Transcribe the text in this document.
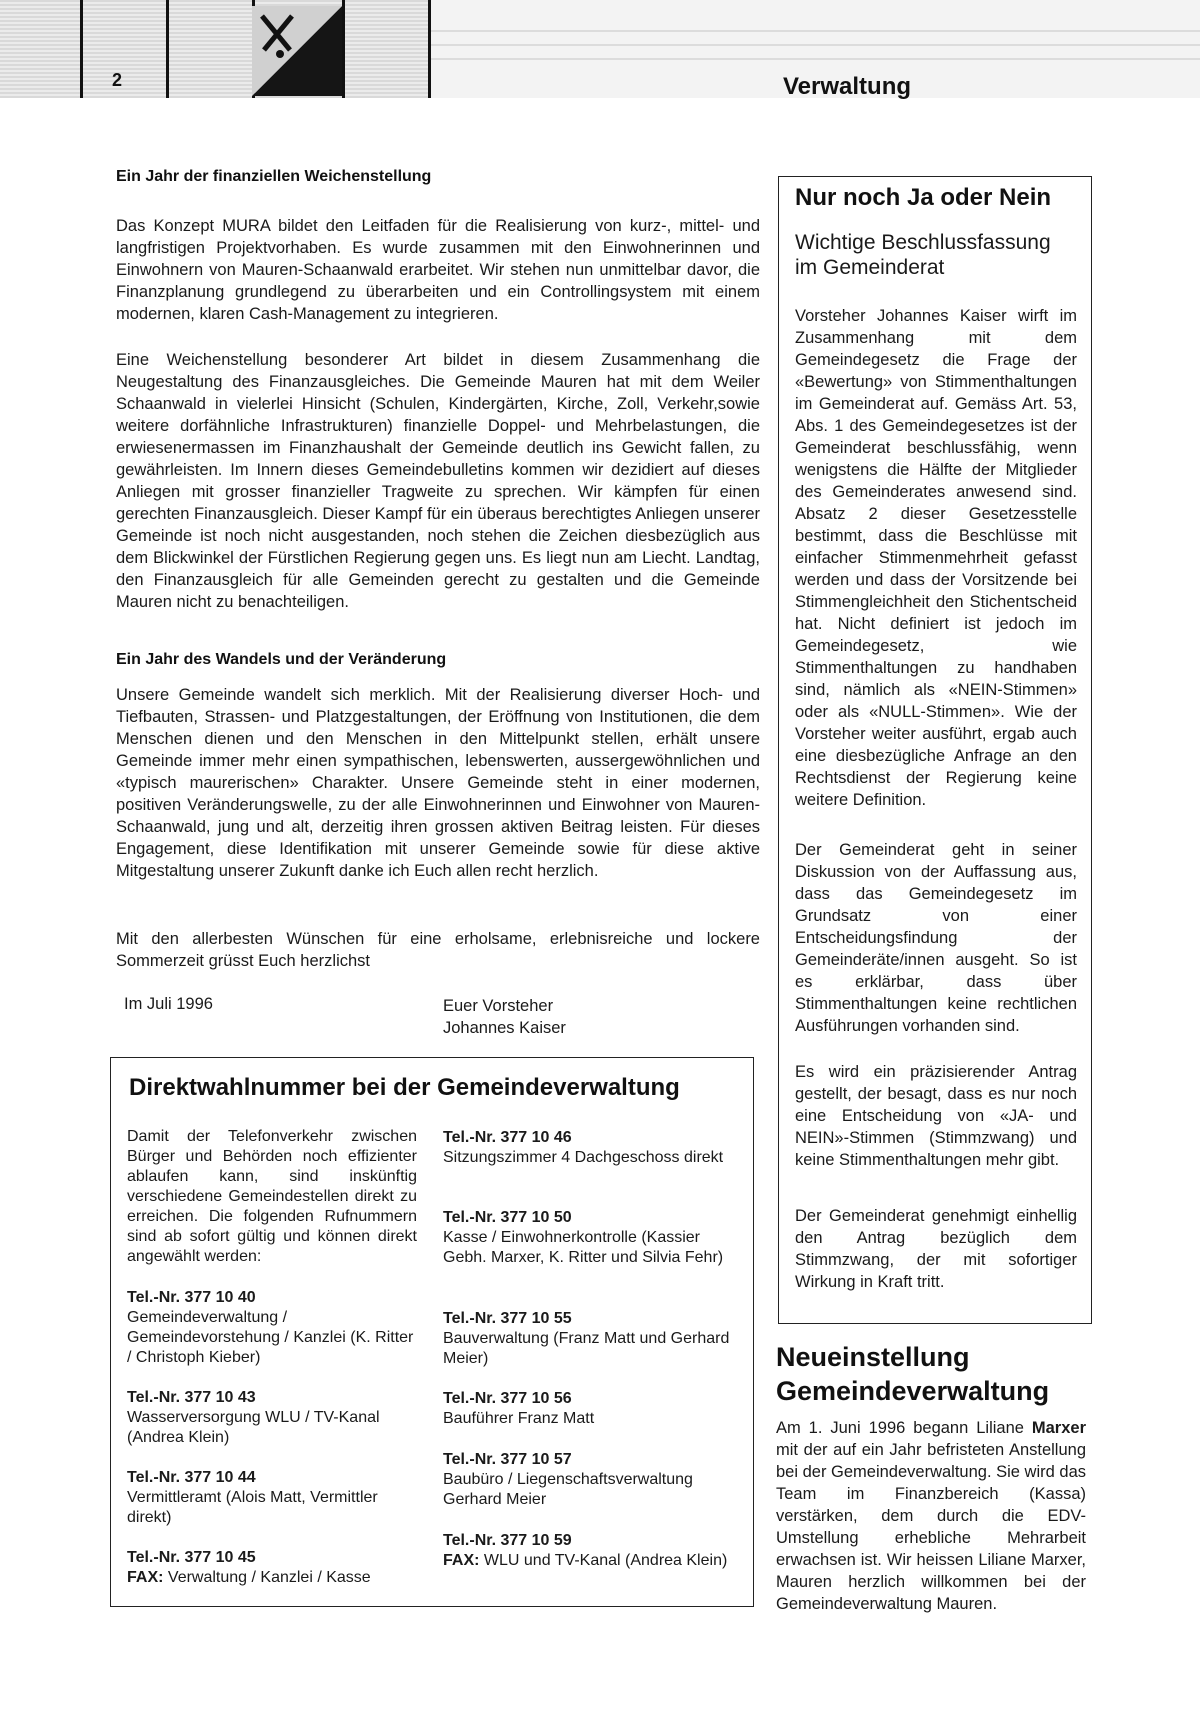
2	Verwaltung
Ein Jahr der finanziellen Weichenstellung
Das Konzept MURA bildet den Leitfaden für die Realisierung von kurz-, mittel- und langfristigen Projektvorhaben. Es wurde zusammen mit den Einwohnerinnen und Einwohnern von Mauren-Schaanwald erarbeitet. Wir stehen nun unmittelbar davor, die Finanzplanung grundlegend zu überarbeiten und ein Controllingsystem mit einem modernen, klaren Cash-Management zu integrieren.
Eine Weichenstellung besonderer Art bildet in diesem Zusammenhang die Neugestaltung des Finanzausgleiches. Die Gemeinde Mauren hat mit dem Weiler Schaanwald in vielerlei Hinsicht (Schulen, Kindergärten, Kirche, Zoll, Verkehr,sowie weitere dorfähnliche Infrastrukturen) finanzielle Doppel- und Mehrbelastungen, die erwiesenermassen im Finanzhaushalt der Gemeinde deutlich ins Gewicht fallen, zu gewährleisten. Im Innern dieses Gemeindebulletins kommen wir dezidiert auf dieses Anliegen mit grosser finanzieller Tragweite zu sprechen. Wir kämpfen für einen gerechten Finanzausgleich. Dieser Kampf für ein überaus berechtigtes Anliegen unserer Gemeinde ist noch nicht ausgestanden, noch stehen die Zeichen diesbezüglich aus dem Blickwinkel der Fürstlichen Regierung gegen uns. Es liegt nun am Liecht. Landtag, den Finanzausgleich für alle Gemeinden gerecht zu gestalten und die Gemeinde Mauren nicht zu benachteiligen.
Ein Jahr des Wandels und der Veränderung
Unsere Gemeinde wandelt sich merklich. Mit der Realisierung diverser Hoch- und Tiefbauten, Strassen- und Platzgestaltungen, der Eröffnung von Institutionen, die dem Menschen dienen und den Menschen in den Mittelpunkt stellen, erhält unsere Gemeinde immer mehr einen sympathischen, lebenswerten, aussergewöhnlichen und «typisch maurerischen» Charakter. Unsere Gemeinde steht in einer modernen, positiven Veränderungswelle, zu der alle Einwohnerinnen und Einwohner von Mauren-Schaanwald, jung und alt, derzeitig ihren grossen aktiven Beitrag leisten. Für dieses Engagement, diese Identifikation mit unserer Gemeinde sowie für diese aktive Mitgestaltung unserer Zukunft danke ich Euch allen recht herzlich.
Mit den allerbesten Wünschen für eine erholsame, erlebnisreiche und lockere Sommerzeit grüsst Euch herzlichst
Im Juli 1996	Euer Vorsteher
Johannes Kaiser
Nur noch Ja oder Nein
Wichtige Beschlussfassung im Gemeinderat
Vorsteher Johannes Kaiser wirft im Zusammenhang mit dem Gemeindegesetz die Frage der «Bewertung» von Stimmenthaltungen im Gemeinderat auf. Gemäss Art. 53, Abs. 1 des Gemeindegesetzes ist der Gemeinderat beschlussfähig, wenn wenigstens die Hälfte der Mitglieder des Gemeinderates anwesend sind. Absatz 2 dieser Gesetzesstelle bestimmt, dass die Beschlüsse mit einfacher Stimmenmehrheit gefasst werden und dass der Vorsitzende bei Stimmengleichheit den Stichentscheid hat. Nicht definiert ist jedoch im Gemeindegesetz, wie Stimmenthaltungen zu handhaben sind, nämlich als «NEIN-Stimmen» oder als «NULL-Stimmen». Wie der Vorsteher weiter ausführt, ergab auch eine diesbezügliche Anfrage an den Rechtsdienst der Regierung keine weitere Definition.
Der Gemeinderat geht in seiner Diskussion von der Auffassung aus, dass das Gemeindegesetz im Grundsatz von einer Entscheidungsfindung der Gemeinderäte/innen ausgeht. So ist es erklärbar, dass über Stimmenthaltungen keine rechtlichen Ausführungen vorhanden sind.
Es wird ein präzisierender Antrag gestellt, der besagt, dass es nur noch eine Entscheidung von «JA- und NEIN»-Stimmen (Stimmzwang) und keine Stimmenthaltungen mehr gibt.
Der Gemeinderat genehmigt einhellig den Antrag bezüglich dem Stimmzwang, der mit sofortiger Wirkung in Kraft tritt.
Direktwahlnummer bei der Gemeindeverwaltung
Damit der Telefonverkehr zwischen Bürger und Behörden noch effizienter ablaufen kann, sind inskünftig verschiedene Gemeindestellen direkt zu erreichen. Die folgenden Rufnummern sind ab sofort gültig und können direkt angewählt werden:
Tel.-Nr. 377 10 40
Gemeindeverwaltung / Gemeindevorstehung / Kanzlei (K. Ritter / Christoph Kieber)
Tel.-Nr. 377 10 43
Wasserversorgung WLU / TV-Kanal (Andrea Klein)
Tel.-Nr. 377 10 44
Vermittleramt (Alois Matt, Vermittler direkt)
Tel.-Nr. 377 10 45
FAX: Verwaltung / Kanzlei / Kasse
Tel.-Nr. 377 10 46
Sitzungszimmer 4 Dachgeschoss direkt
Tel.-Nr. 377 10 50
Kasse / Einwohnerkontrolle (Kassier Gebh. Marxer, K. Ritter und Silvia Fehr)
Tel.-Nr. 377 10 55
Bauverwaltung (Franz Matt und Gerhard Meier)
Tel.-Nr. 377 10 56
Bauführer Franz Matt
Tel.-Nr. 377 10 57
Baubüro / Liegenschaftsverwaltung Gerhard Meier
Tel.-Nr. 377 10 59
FAX: WLU und TV-Kanal (Andrea Klein)
Neueinstellung
Gemeindeverwaltung
Am 1. Juni 1996 begann Liliane Marxer mit der auf ein Jahr befristeten Anstellung bei der Gemeindeverwaltung. Sie wird das Team im Finanzbereich (Kassa) verstärken, dem durch die EDV-Umstellung erhebliche Mehrarbeit erwachsen ist. Wir heissen Liliane Marxer, Mauren herzlich willkommen bei der Gemeindeverwaltung Mauren.
